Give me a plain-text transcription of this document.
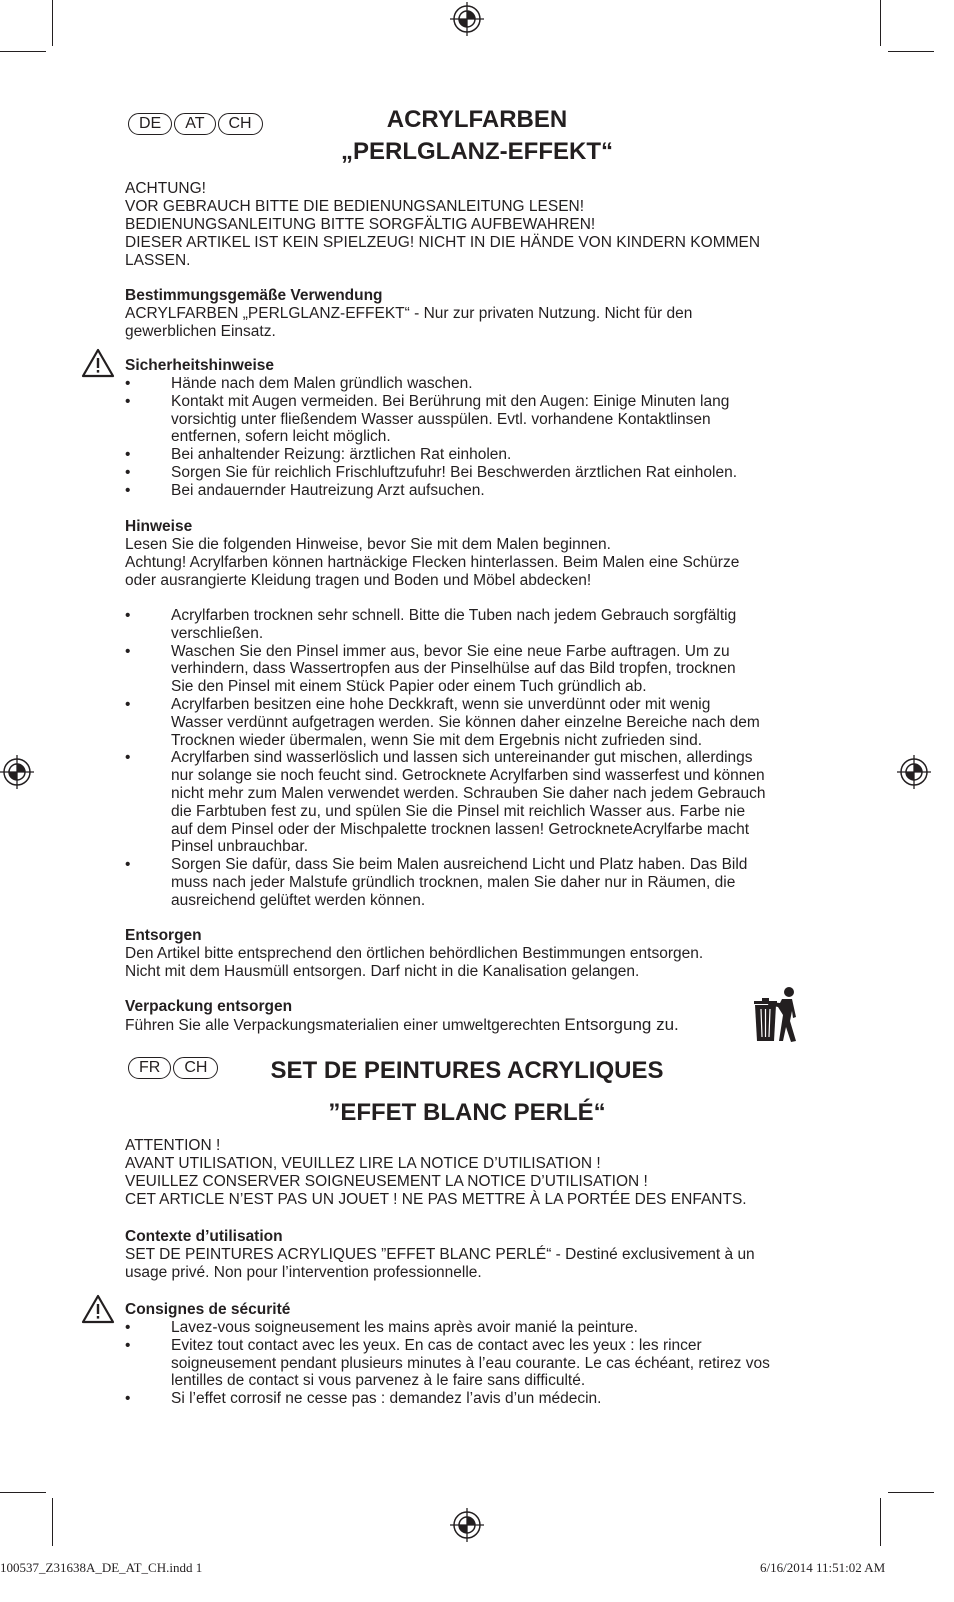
DE	AT	CH	ACRYLFARBEN
„PERLGLANZ-EFFEKT“
ACHTUNG!
VOR GEBRAUCH BITTE DIE BEDIENUNGSANLEITUNG LESEN!
BEDIENUNGSANLEITUNG BITTE SORGFÄLTIG AUFBEWAHREN!
DIESER ARTIKEL IST KEIN SPIELZEUG! NICHT IN DIE HÄNDE VON KINDERN KOMMEN
LASSEN.
Bestimmungsgemäße Verwendung
ACRYLFARBEN „PERLGLANZ-EFFEKT“ - Nur zur privaten Nutzung. Nicht für den
gewerblichen Einsatz.
Sicherheitshinweise
•	Hände nach dem Malen gründlich waschen.
•	Kontakt mit Augen vermeiden. Bei Berührung mit den Augen: Einige Minuten lang
vorsichtig unter fließendem Wasser ausspülen. Evtl. vorhandene Kontaktlinsen
entfernen, sofern leicht möglich.
•	Bei anhaltender Reizung: ärztlichen Rat einholen.
•	Sorgen Sie für reichlich Frischluftzufuhr! Bei Beschwerden ärztlichen Rat einholen.
•	Bei andauernder Hautreizung Arzt aufsuchen.
Hinweise
Lesen Sie die folgenden Hinweise, bevor Sie mit dem Malen beginnen.
Achtung! Acrylfarben können hartnäckige Flecken hinterlassen. Beim Malen eine Schürze
oder ausrangierte Kleidung tragen und Boden und Möbel abdecken!
•	Acrylfarben trocknen sehr schnell. Bitte die Tuben nach jedem Gebrauch sorgfältig
verschließen.
•	Waschen Sie den Pinsel immer aus, bevor Sie eine neue Farbe auftragen. Um zu
verhindern, dass Wassertropfen aus der Pinselhülse auf das Bild tropfen, trocknen
Sie den Pinsel mit einem Stück Papier oder einem Tuch gründlich ab.
•	Acrylfarben besitzen eine hohe Deckkraft, wenn sie unverdünnt oder mit wenig
Wasser verdünnt aufgetragen werden. Sie können daher einzelne Bereiche nach dem
Trocknen wieder übermalen, wenn Sie mit dem Ergebnis nicht zufrieden sind.
•	Acrylfarben sind wasserlöslich und lassen sich untereinander gut mischen, allerdings
nur solange sie noch feucht sind. Getrocknete Acrylfarben sind wasserfest und können
nicht mehr zum Malen verwendet werden. Schrauben Sie daher nach jedem Gebrauch
die Farbtuben fest zu, und spülen Sie die Pinsel mit reichlich Wasser aus. Farbe nie
auf dem Pinsel oder der Mischpalette trocknen lassen! GetrockneteAcrylfarbe macht
Pinsel unbrauchbar.
•	Sorgen Sie dafür, dass Sie beim Malen ausreichend Licht und Platz haben. Das Bild
muss nach jeder Malstufe gründlich trocknen, malen Sie daher nur in Räumen, die
ausreichend gelüftet werden können.
Entsorgen
Den Artikel bitte entsprechend den örtlichen behördlichen Bestimmungen entsorgen.
Nicht mit dem Hausmüll entsorgen. Darf nicht in die Kanalisation gelangen.
Verpackung entsorgen
Führen Sie alle Verpackungsmaterialien einer umweltgerechten Entsorgung zu.
FR	CH	SET DE PEINTURES ACRYLIQUES
”EFFET BLANC PERLÉ“
ATTENTION !
AVANT UTILISATION, VEUILLEZ LIRE LA NOTICE D’UTILISATION !
VEUILLEZ CONSERVER SOIGNEUSEMENT LA NOTICE D’UTILISATION !
CET ARTICLE N’EST PAS UN JOUET ! NE PAS METTRE À LA PORTÉE DES ENFANTS.
Contexte d’utilisation
SET DE PEINTURES ACRYLIQUES ”EFFET BLANC PERLÉ“ - Destiné exclusivement à un
usage privé. Non pour l’intervention professionnelle.
Consignes de sécurité
•	Lavez-vous soigneusement les mains après avoir manié la peinture.
•	Evitez tout contact avec les yeux. En cas de contact avec les yeux : les rincer
soigneusement pendant plusieurs minutes à l’eau courante. Le cas échéant, retirez vos
lentilles de contact si vous parvenez à le faire sans difficulté.
•	Si l’effet corrosif ne cesse pas : demandez l’avis d’un médecin.
100537_Z31638A_DE_AT_CH.indd 1	6/16/2014 11:51:02 AM
